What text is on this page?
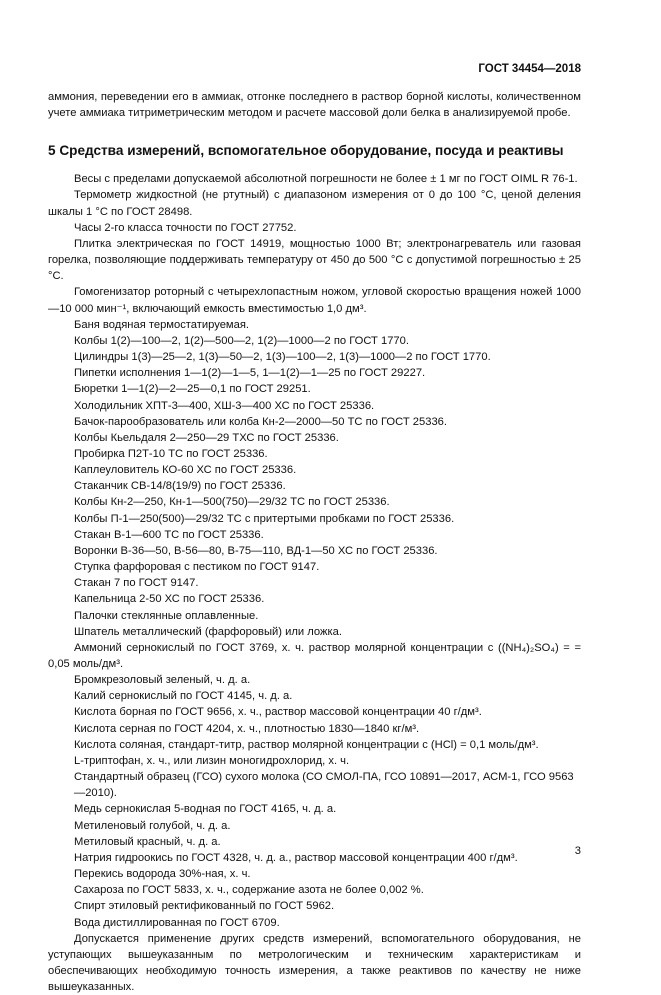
ГОСТ 34454—2018

аммония, переведении его в аммиак, отгонке последнего в раствор борной кислоты, количественном учете аммиака титриметрическим методом и расчете массовой доли белка в анализируемой пробе.

5 Средства измерений, вспомогательное оборудование, посуда и реактивы
Весы с пределами допускаемой абсолютной погрешности не более ± 1 мг по ГОСТ OIML R 76-1.
Термометр жидкостной (не ртутный) с диапазоном измерения от 0 до 100 °С, ценой деления шкалы 1 °С по ГОСТ 28498.
Часы 2-го класса точности по ГОСТ 27752.
Плитка электрическая по ГОСТ 14919, мощностью 1000 Вт; электронагреватель или газовая горелка, позволяющие поддерживать температуру от 450 до 500 °С с допустимой погрешностью ± 25 °С.
Гомогенизатор роторный с четырехлопастным ножом, угловой скоростью вращения ножей 1000—10 000 мин⁻¹, включающий емкость вместимостью 1,0 дм³.
Баня водяная термостатируемая.
Колбы 1(2)—100—2, 1(2)—500—2, 1(2)—1000—2 по ГОСТ 1770.
Цилиндры 1(3)—25—2, 1(3)—50—2, 1(3)—100—2, 1(3)—1000—2 по ГОСТ 1770.
Пипетки исполнения 1—1(2)—1—5, 1—1(2)—1—25 по ГОСТ 29227.
Бюретки 1—1(2)—2—25—0,1 по ГОСТ 29251.
Холодильник ХПТ-3—400, ХШ-3—400 ХС по ГОСТ 25336.
Бачок-парообразователь или колба Кн-2—2000—50 ТС по ГОСТ 25336.
Колбы Кьельдаля 2—250—29 ТХС по ГОСТ 25336.
Пробирка П2Т-10 ТС по ГОСТ 25336.
Каплеуловитель КО-60 ХС по ГОСТ 25336.
Стаканчик СВ-14/8(19/9) по ГОСТ 25336.
Колбы Кн-2—250, Кн-1—500(750)—29/32 ТС по ГОСТ 25336.
Колбы П-1—250(500)—29/32 ТС с притертыми пробками по ГОСТ 25336.
Стакан В-1—600 ТС по ГОСТ 25336.
Воронки В-36—50, В-56—80, В-75—110, ВД-1—50 ХС по ГОСТ 25336.
Ступка фарфоровая с пестиком по ГОСТ 9147.
Стакан 7 по ГОСТ 9147.
Капельница 2-50 ХС по ГОСТ 25336.
Палочки стеклянные оплавленные.
Шпатель металлический (фарфоровый) или ложка.
Аммоний сернокислый по ГОСТ 3769, х. ч. раствор молярной концентрации с ((NH₄)₂SO₄) = = 0,05 моль/дм³.
Бромкрезоловый зеленый, ч. д. а.
Калий сернокислый по ГОСТ 4145, ч. д. а.
Кислота борная по ГОСТ 9656, х. ч., раствор массовой концентрации 40 г/дм³.
Кислота серная по ГОСТ 4204, х. ч., плотностью 1830—1840 кг/м³.
Кислота соляная, стандарт-титр, раствор молярной концентрации с (HCl) = 0,1 моль/дм³.
L-триптофан, х. ч., или лизин моногидрохлорид, х. ч.
Стандартный образец (ГСО) сухого молока (СО СМОЛ-ПА, ГСО 10891—2017, АСМ-1, ГСО 9563—2010).
Медь сернокислая 5-водная по ГОСТ 4165, ч. д. а.
Метиленовый голубой, ч. д. а.
Метиловый красный, ч. д. а.
Натрия гидроокись по ГОСТ 4328, ч. д. а., раствор массовой концентрации 400 г/дм³.
Перекись водорода 30%-ная, х. ч.
Сахароза по ГОСТ 5833, х. ч., содержание азота не более 0,002 %.
Спирт этиловый ректификованный по ГОСТ 5962.
Вода дистиллированная по ГОСТ 6709.

Допускается применение других средств измерений, вспомогательного оборудования, не уступающих вышеуказанным по метрологическим и техническим характеристикам и обеспечивающих необходимую точность измерения, а также реактивов по качеству не ниже вышеуказанных.

3
